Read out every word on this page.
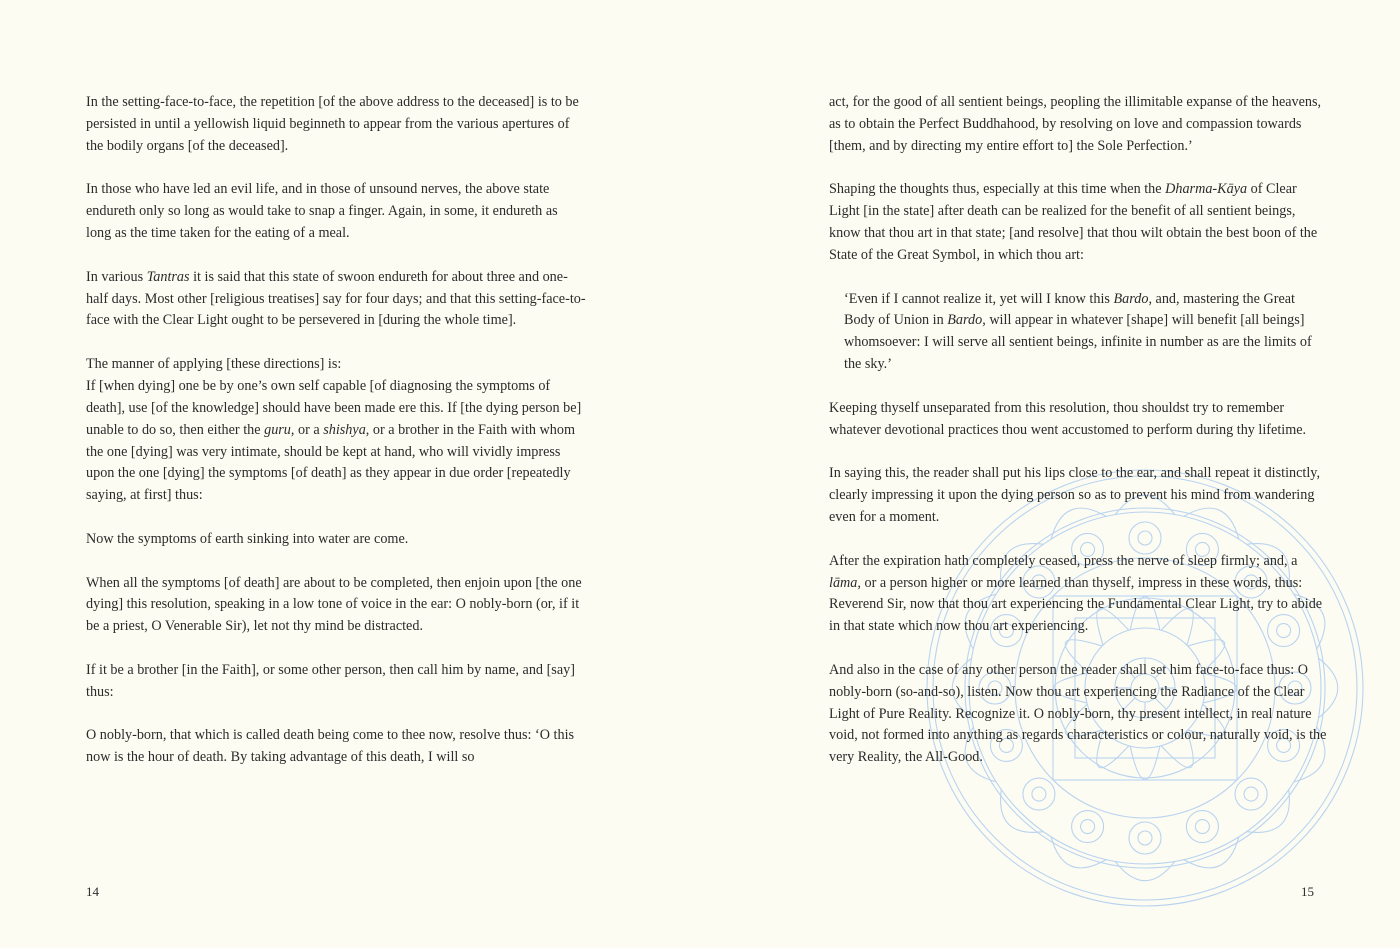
In the setting-face-to-face, the repetition [of the above address to the deceased] is to be persisted in until a yellowish liquid beginneth to appear from the various apertures of the bodily organs [of the deceased].

In those who have led an evil life, and in those of unsound nerves, the above state endureth only so long as would take to snap a finger. Again, in some, it endureth as long as the time taken for the eating of a meal.

In various Tantras it is said that this state of swoon endureth for about three and one-half days. Most other [religious treatises] say for four days; and that this setting-face-to-face with the Clear Light ought to be persevered in [during the whole time].

The manner of applying [these directions] is:

If [when dying] one be by one’s own self capable [of diagnosing the symptoms of death], use [of the knowledge] should have been made ere this. If [the dying person be] unable to do so, then either the guru, or a shishya, or a brother in the Faith with whom the one [dying] was very intimate, should be kept at hand, who will vividly impress upon the one [dying] the symptoms [of death] as they appear in due order [repeatedly saying, at first] thus:

Now the symptoms of earth sinking into water are come.

When all the symptoms [of death] are about to be completed, then enjoin upon [the one dying] this resolution, speaking in a low tone of voice in the ear: O nobly-born (or, if it be a priest, O Venerable Sir), let not thy mind be distracted.

If it be a brother [in the Faith], or some other person, then call him by name, and [say] thus:

O nobly-born, that which is called death being come to thee now, resolve thus: ‘O this now is the hour of death. By taking advantage of this death, I will so

14

act, for the good of all sentient beings, peopling the illimitable expanse of the heavens, as to obtain the Perfect Buddhahood, by resolving on love and compassion towards [them, and by directing my entire effort to] the Sole Perfection.’

Shaping the thoughts thus, especially at this time when the Dharma-Kāya of Clear Light [in the state] after death can be realized for the benefit of all sentient beings, know that thou art in that state; [and resolve] that thou wilt obtain the best boon of the State of the Great Symbol, in which thou art:

‘Even if I cannot realize it, yet will I know this Bardo, and, mastering the Great Body of Union in Bardo, will appear in whatever [shape] will benefit [all beings] whomsoever: I will serve all sentient beings, infinite in number as are the limits of the sky.’

Keeping thyself unseparated from this resolution, thou shouldst try to remember whatever devotional practices thou went accustomed to perform during thy lifetime.

In saying this, the reader shall put his lips close to the ear, and shall repeat it distinctly, clearly impressing it upon the dying person so as to prevent his mind from wandering even for a moment.

After the expiration hath completely ceased, press the nerve of sleep firmly; and, a lāma, or a person higher or more learned than thyself, impress in these words, thus: Reverend Sir, now that thou art experiencing the Fundamental Clear Light, try to abide in that state which now thou art experiencing.

And also in the case of any other person the reader shall set him face-to-face thus: O nobly-born (so-and-so), listen. Now thou art experiencing the Radiance of the Clear Light of Pure Reality. Recognize it. O nobly-born, thy present intellect, in real nature void, not formed into anything as regards characteristics or colour, naturally void, is the very Reality, the All-Good.

15
